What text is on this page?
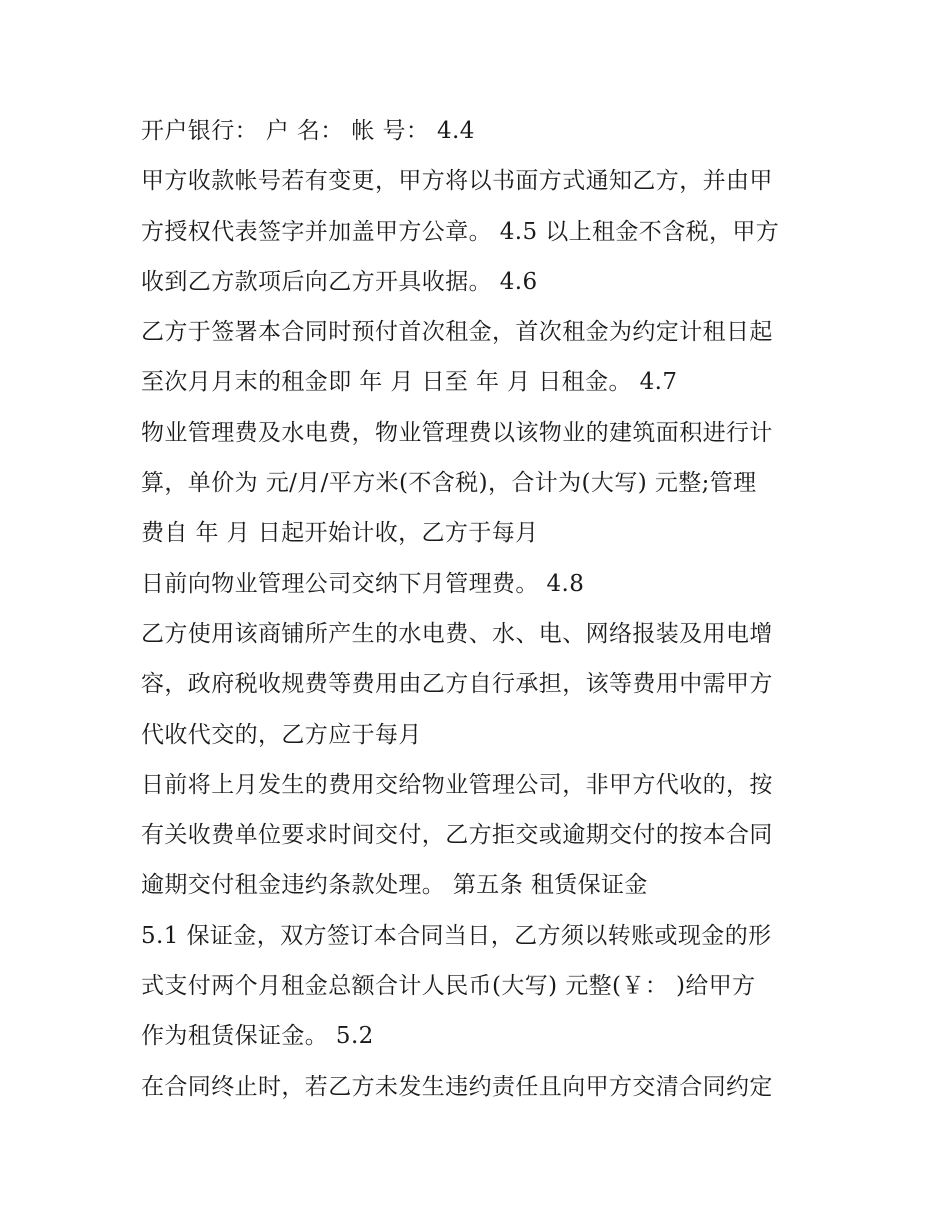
开户银行： 户 名： 帐 号： 4.4
甲方收款帐号若有变更，甲方将以书面方式通知乙方，并由甲
方授权代表签字并加盖甲方公章。 4.5 以上租金不含税，甲方
收到乙方款项后向乙方开具收据。 4.6
乙方于签署本合同时预付首次租金，首次租金为约定计租日起
至次月月末的租金即 年 月 日至 年 月 日租金。 4.7
物业管理费及水电费，物业管理费以该物业的建筑面积进行计
算，单价为 元/月/平方米(不含税)，合计为(大写) 元整;管理
费自 年 月 日起开始计收，乙方于每月
日前向物业管理公司交纳下月管理费。 4.8
乙方使用该商铺所产生的水电费、水、电、网络报装及用电增
容，政府税收规费等费用由乙方自行承担，该等费用中需甲方
代收代交的，乙方应于每月
日前将上月发生的费用交给物业管理公司，非甲方代收的，按
有关收费单位要求时间交付，乙方拒交或逾期交付的按本合同
逾期交付租金违约条款处理。 第五条 租赁保证金
5.1 保证金，双方签订本合同当日，乙方须以转账或现金的形
式支付两个月租金总额合计人民币(大写) 元整(￥： )给甲方
作为租赁保证金。 5.2
在合同终止时，若乙方未发生违约责任且向甲方交清合同约定
